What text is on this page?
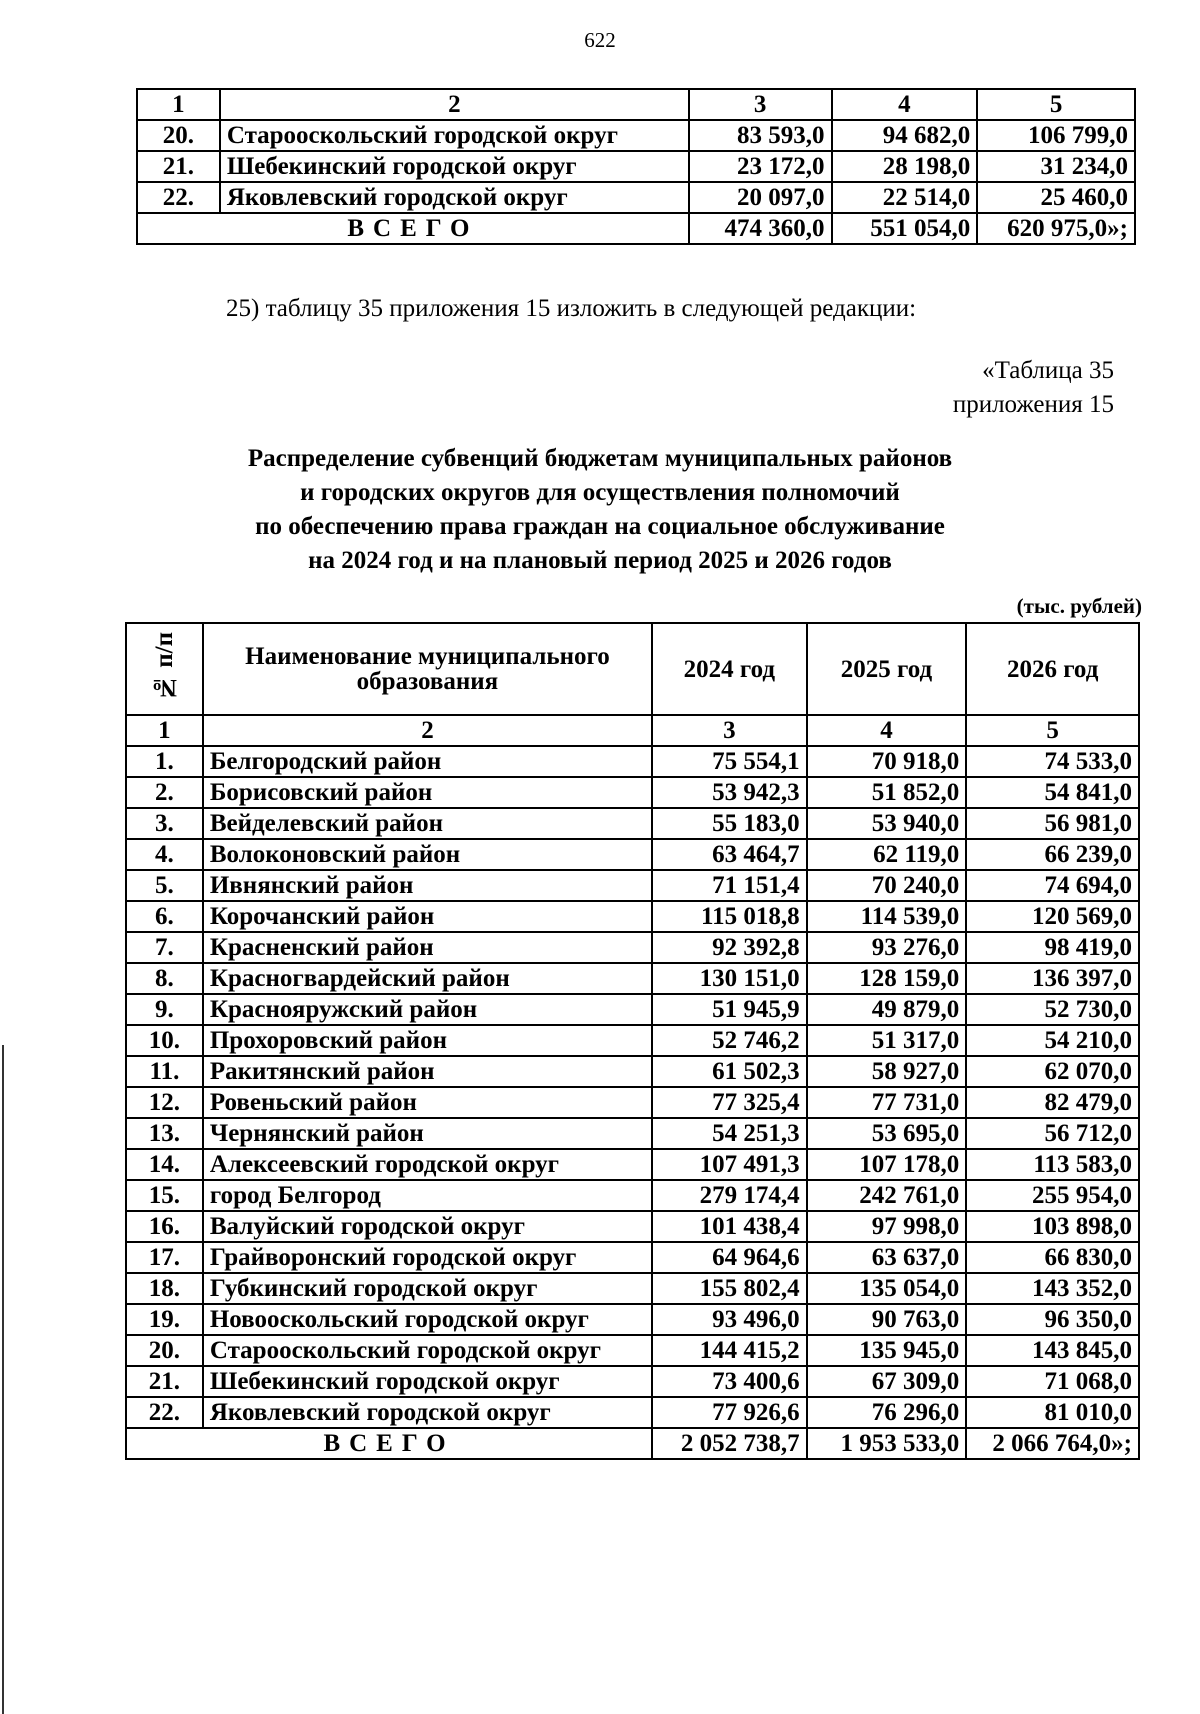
622
1	2	3	4	5
20.	Старооскольский городской округ	83 593,0	94 682,0	106 799,0
21.	Шебекинский городской округ	23 172,0	28 198,0	31 234,0
22.	Яковлевский городской округ	20 097,0	22 514,0	25 460,0
ВСЕГО		474 360,0	551 054,0	620 975,0»;
25) таблицу 35 приложения 15 изложить в следующей редакции:
«Таблица 35
приложения 15
Распределение субвенций бюджетам муниципальных районов
и городских округов для осуществления полномочий
по обеспечению права граждан на социальное обслуживание
на 2024 год и на плановый период 2025 и 2026 годов
(тыс. рублей)
№ п/п	Наименование муниципального образования	2024 год	2025 год	2026 год
1	2	3	4	5
1.	Белгородский район	75 554,1	70 918,0	74 533,0
2.	Борисовский район	53 942,3	51 852,0	54 841,0
3.	Вейделевский район	55 183,0	53 940,0	56 981,0
4.	Волоконовский район	63 464,7	62 119,0	66 239,0
5.	Ивнянский район	71 151,4	70 240,0	74 694,0
6.	Корочанский район	115 018,8	114 539,0	120 569,0
7.	Красненский район	92 392,8	93 276,0	98 419,0
8.	Красногвардейский район	130 151,0	128 159,0	136 397,0
9.	Краснояружский район	51 945,9	49 879,0	52 730,0
10.	Прохоровский район	52 746,2	51 317,0	54 210,0
11.	Ракитянский район	61 502,3	58 927,0	62 070,0
12.	Ровеньский район	77 325,4	77 731,0	82 479,0
13.	Чернянский район	54 251,3	53 695,0	56 712,0
14.	Алексеевский городской округ	107 491,3	107 178,0	113 583,0
15.	город Белгород	279 174,4	242 761,0	255 954,0
16.	Валуйский городской округ	101 438,4	97 998,0	103 898,0
17.	Грайворонский городской округ	64 964,6	63 637,0	66 830,0
18.	Губкинский городской округ	155 802,4	135 054,0	143 352,0
19.	Новооскольский городской округ	93 496,0	90 763,0	96 350,0
20.	Старооскольский городской округ	144 415,2	135 945,0	143 845,0
21.	Шебекинский городской округ	73 400,6	67 309,0	71 068,0
22.	Яковлевский городской округ	77 926,6	76 296,0	81 010,0
ВСЕГО		2 052 738,7	1 953 533,0	2 066 764,0»;
